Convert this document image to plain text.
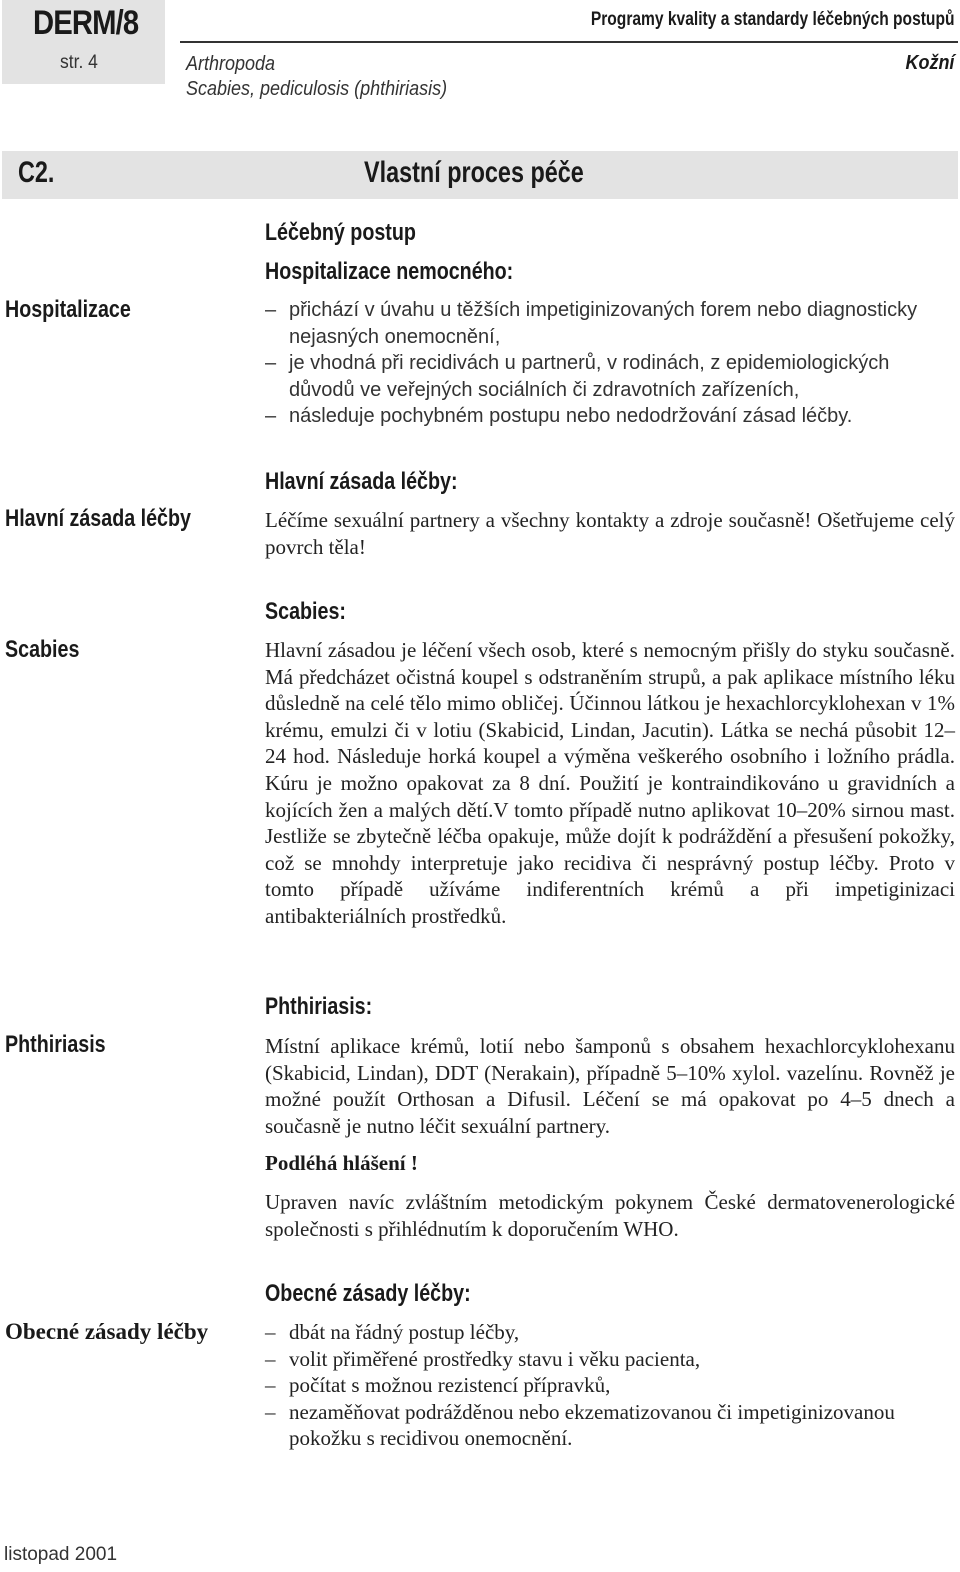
DERM/8
str. 4
Programy kvality a standardy léčebných postupů
Arthropoda
Scabies, pediculosis (phthiriasis)
Kožní
C2.	Vlastní proces péče
Léčebný postup
Hospitalizace nemocného:
Hospitalizace	– přichází v úvahu u těžších impetiginizovaných forem nebo diagnosticky nejasných onemocnění,
– je vhodná při recidivách u partnerů, v rodinách, z epidemiologických důvodů ve veřejných sociálních či zdravotních zařízeních,
– následuje pochybném postupu nebo nedodržování zásad léčby.
Hlavní zásada léčby:
Hlavní zásada léčby	Léčíme sexuální partnery a všechny kontakty a zdroje současně! Ošetřujeme celý povrch těla!
Scabies:
Scabies	Hlavní zásadou je léčení všech osob, které s nemocným přišly do styku současně. Má předcházet očistná koupel s odstraněním strupů, a pak aplikace místního léku důsledně na celé tělo mimo obličej. Účinnou látkou je hexachlorcyklohexan v 1% krému, emulzi či v lotiu (Skabicid, Lindan, Jacutin). Látka se nechá působit 12–24 hod. Následuje horká koupel a výměna veškerého osobního i ložního prádla. Kúru je možno opakovat za 8 dní. Použití je kontraindikováno u gravidních a kojících žen a malých dětí.V tomto případě nutno aplikovat 10–20% sirnou mast. Jestliže se zbytečně léčba opakuje, může dojít k podráždění a přesušení pokožky, což se mnohdy interpretuje jako recidiva či nesprávný postup léčby. Proto v tomto případě užíváme indiferentních krémů a při impetiginizaci antibakteriálních prostředků.
Phthiriasis:
Phthiriasis	Místní aplikace krémů, lotií nebo šamponů s obsahem hexachlorcyklohexanu (Skabicid, Lindan), DDT (Nerakain), případně 5–10% xylol. vazelínu. Rovněž je možné použít Orthosan a Difusil. Léčení se má opakovat po 4–5 dnech a současně je nutno léčit sexuální partnery.
Podléhá hlášení !
Upraven navíc zvláštním metodickým pokynem České dermatovenerologické společnosti s přihlédnutím k doporučením WHO.
Obecné zásady léčby:
Obecné zásady léčby	– dbát na řádný postup léčby,
– volit přiměřené prostředky stavu i věku pacienta,
– počítat s možnou rezistencí přípravků,
– nezaměňovat podrážděnou nebo ekzematizovanou či impetiginizovanou pokožku s recidivou onemocnění.
listopad 2001
